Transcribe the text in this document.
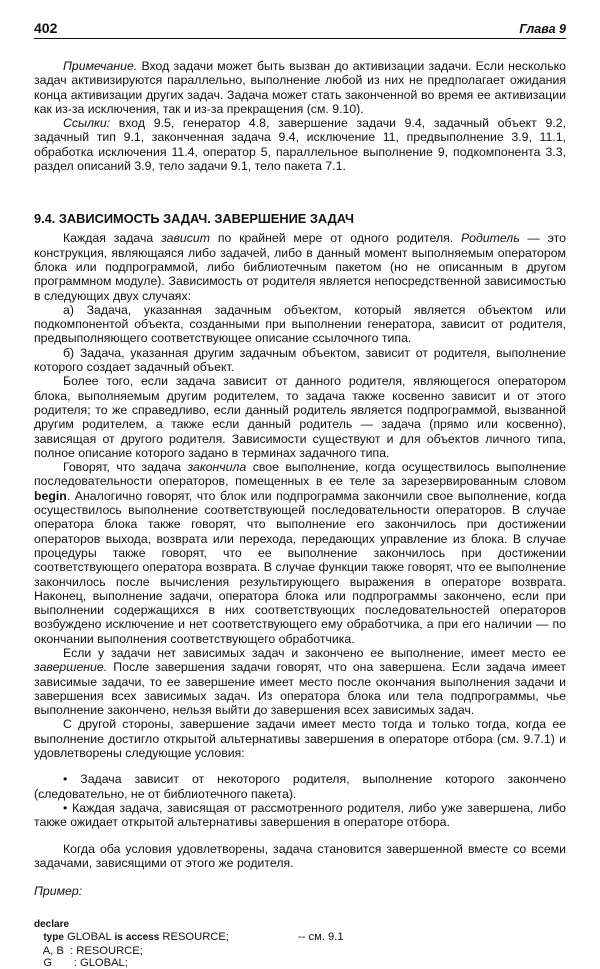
402	Глава 9

Примечание. Вход задачи может быть вызван до активизации задачи. Если несколько задач активизируются параллельно, выполнение любой из них не предполагает ожидания конца активизации других задач. Задача может стать законченной во время ее активизации как из-за исключения, так и из-за прекращения (см. 9.10).

Ссылки: вход 9.5, генератор 4.8, завершение задачи 9.4, задачный объект 9.2, задачный тип 9.1, законченная задача 9.4, исключение 11, предвыполнение 3.9, 11.1, обработка исключения 11.4, оператор 5, параллельное выполнение 9, подкомпонента 3.3, раздел описаний 3.9, тело задачи 9.1, тело пакета 7.1.

9.4. ЗАВИСИМОСТЬ ЗАДАЧ. ЗАВЕРШЕНИЕ ЗАДАЧ

Каждая задача зависит по крайней мере от одного родителя. Родитель — это конструкция, являющаяся либо задачей, либо в данный момент выполняемым оператором блока или подпрограммой, либо библиотечным пакетом (но не описанным в другом программном модуле). Зависимость от родителя является непосредственной зависимостью в следующих двух случаях:

а) Задача, указанная задачным объектом, который является объектом или подкомпонентой объекта, созданными при выполнении генератора, зависит от родителя, предвыполняющего соответствующее описание ссылочного типа.

б) Задача, указанная другим задачным объектом, зависит от родителя, выполнение которого создает задачный объект.

Более того, если задача зависит от данного родителя, являющегося оператором блока, выполняемым другим родителем, то задача также косвенно зависит и от этого родителя; то же справедливо, если данный родитель является подпрограммой, вызванной другим родителем, а также если данный родитель — задача (прямо или косвенно), зависящая от другого родителя. Зависимости существуют и для объектов личного типа, полное описание которого задано в терминах задачного типа.

Говорят, что задача закончила свое выполнение, когда осуществилось выполнение последовательности операторов, помещенных в ее теле за зарезервированным словом begin. Аналогично говорят, что блок или подпрограмма закончили свое выполнение, когда осуществилось выполнение соответствующей последовательности операторов. В случае оператора блока также говорят, что выполнение его закончилось при достижении операторов выхода, возврата или перехода, передающих управление из блока. В случае процедуры также говорят, что ее выполнение закончилось при достижении соответствующего оператора возврата. В случае функции также говорят, что ее выполнение закончилось после вычисления результирующего выражения в операторе возврата. Наконец, выполнение задачи, оператора блока или подпрограммы закончено, если при выполнении содержащихся в них соответствующих последовательностей операторов возбуждено исключение и нет соответствующего ему обработчика, а при его наличии — по окончании выполнения соответствующего обработчика.

Если у задачи нет зависимых задач и закончено ее выполнение, имеет место ее завершение. После завершения задачи говорят, что она завершена. Если задача имеет зависимые задачи, то ее завершение имеет место после окончания выполнения задачи и завершения всех зависимых задач. Из оператора блока или тела подпрограммы, чье выполнение закончено, нельзя выйти до завершения всех зависимых задач.

С другой стороны, завершение задачи имеет место тогда и только тогда, когда ее выполнение достигло открытой альтернативы завершения в операторе отбора (см. 9.7.1) и удовлетворены следующие условия:

• Задача зависит от некоторого родителя, выполнение которого закончено (следовательно, не от библиотечного пакета).

• Каждая задача, зависящая от рассмотренного родителя, либо уже завершена, либо также ожидает открытой альтернативы завершения в операторе отбора.

Когда оба условия удовлетворены, задача становится завершенной вместе со всеми задачами, зависящими от этого же родителя.

Пример:
declare
type GLOBAL is access RESOURCE;	-- см. 9.1
A, B  : RESOURCE;
G       : GLOBAL;
